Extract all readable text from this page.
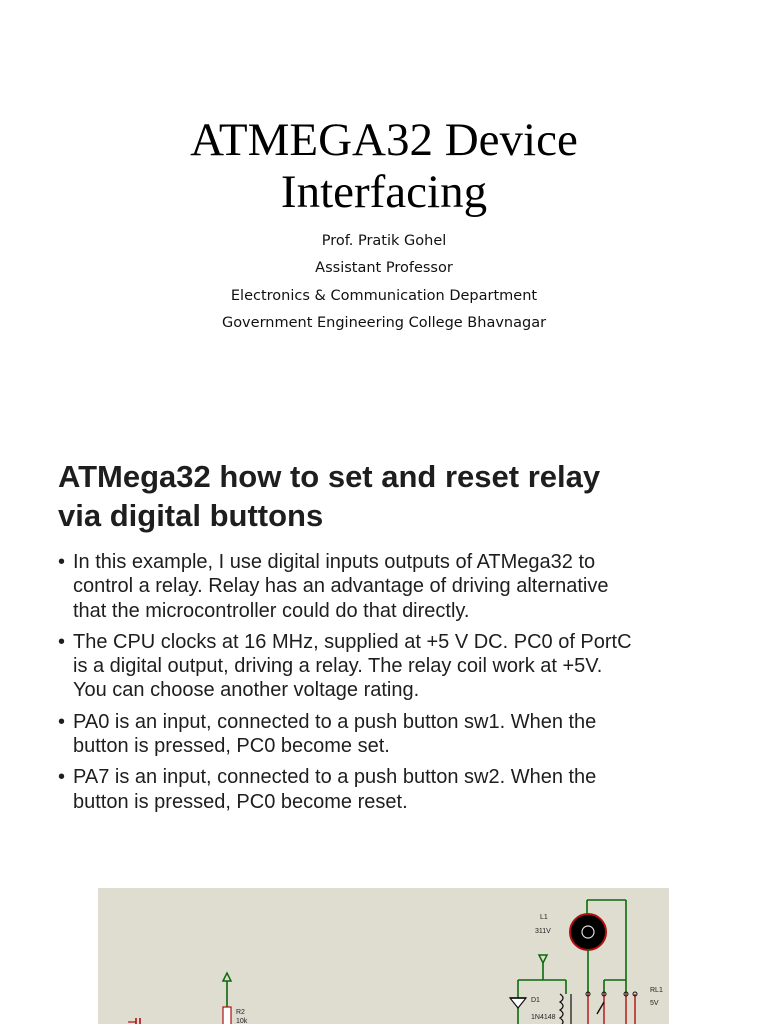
ATMEGA32 Device
Interfacing
Prof. Pratik Gohel
Assistant Professor
Electronics & Communication Department
Government Engineering College Bhavnagar
ATMega32 how to set and reset relay
via digital buttons
• In this example, I use digital inputs outputs of ATMega32 to
control a relay. Relay has an advantage of driving alternative
that the microcontroller could do that directly.
• The CPU clocks at 16 MHz, supplied at +5 V DC. PC0 of PortC
is a digital output, driving a relay. The relay coil work at +5V.
You can choose another voltage rating.
• PA0 is an input, connected to a push button sw1. When the
button is pressed, PC0 become set.
• PA7 is an input, connected to a push button sw2. When the
button is pressed, PC0 become reset.
L1
311V
RL1
5V
D1
1N4148
R2
10k
